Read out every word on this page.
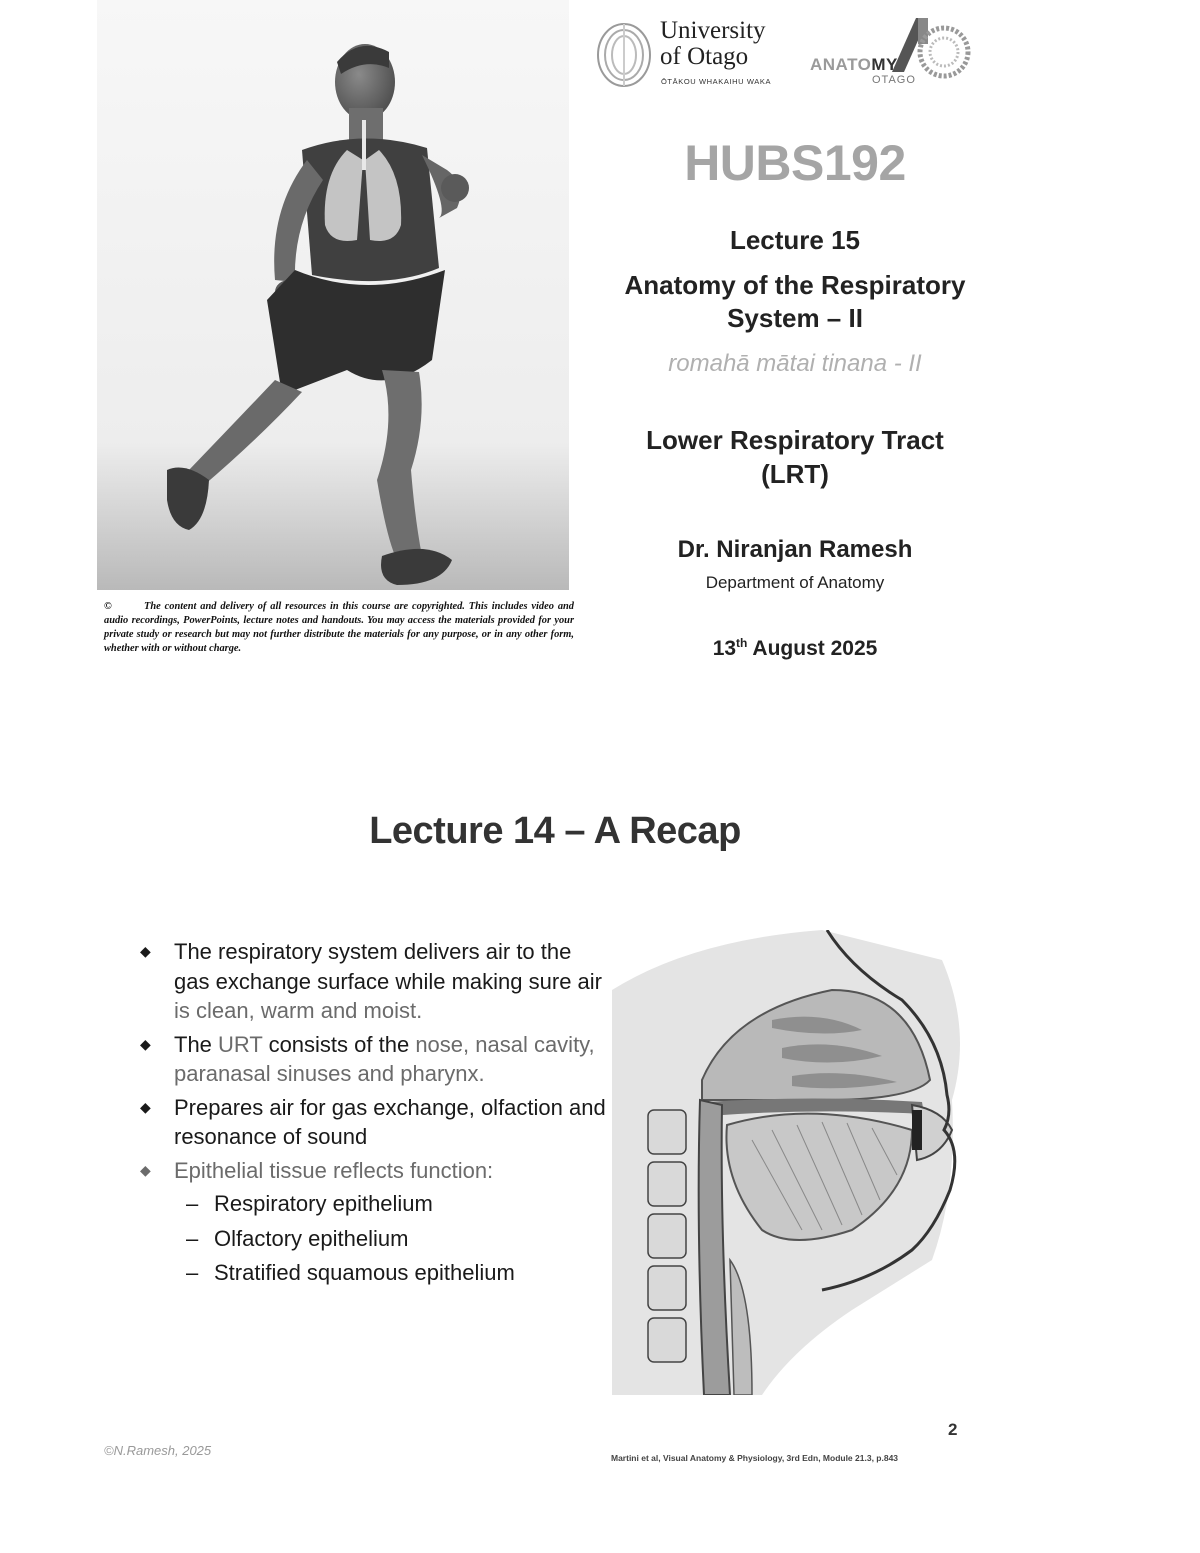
©	The content and delivery of all resources in this course are copyrighted. This includes video and audio recordings, PowerPoints, lecture notes and handouts. You may access the materials provided for your private study or research but may not further distribute the materials for any purpose, or in any other form, whether with or without charge.
University
of Otago
ŌTĀKOU WHAKAIHU WAKA
ANATOMY
OTAGO
HUBS192
Lecture 15
Anatomy of the Respiratory
System – II
romahā mātai tinana - II
Lower Respiratory Tract
(LRT)
Dr. Niranjan Ramesh
Department of Anatomy
13th August 2025
Lecture 14 – A Recap
◆ The respiratory system delivers air to the gas exchange surface while making sure air is clean, warm and moist.
◆ The URT consists of the nose, nasal cavity, paranasal sinuses and pharynx.
◆ Prepares air for gas exchange, olfaction and resonance of sound
◆ Epithelial tissue reflects function:
– Respiratory epithelium
– Olfactory epithelium
– Stratified squamous epithelium
2
©N.Ramesh, 2025	Martini et al, Visual Anatomy & Physiology, 3rd Edn, Module 21.3, p.843
